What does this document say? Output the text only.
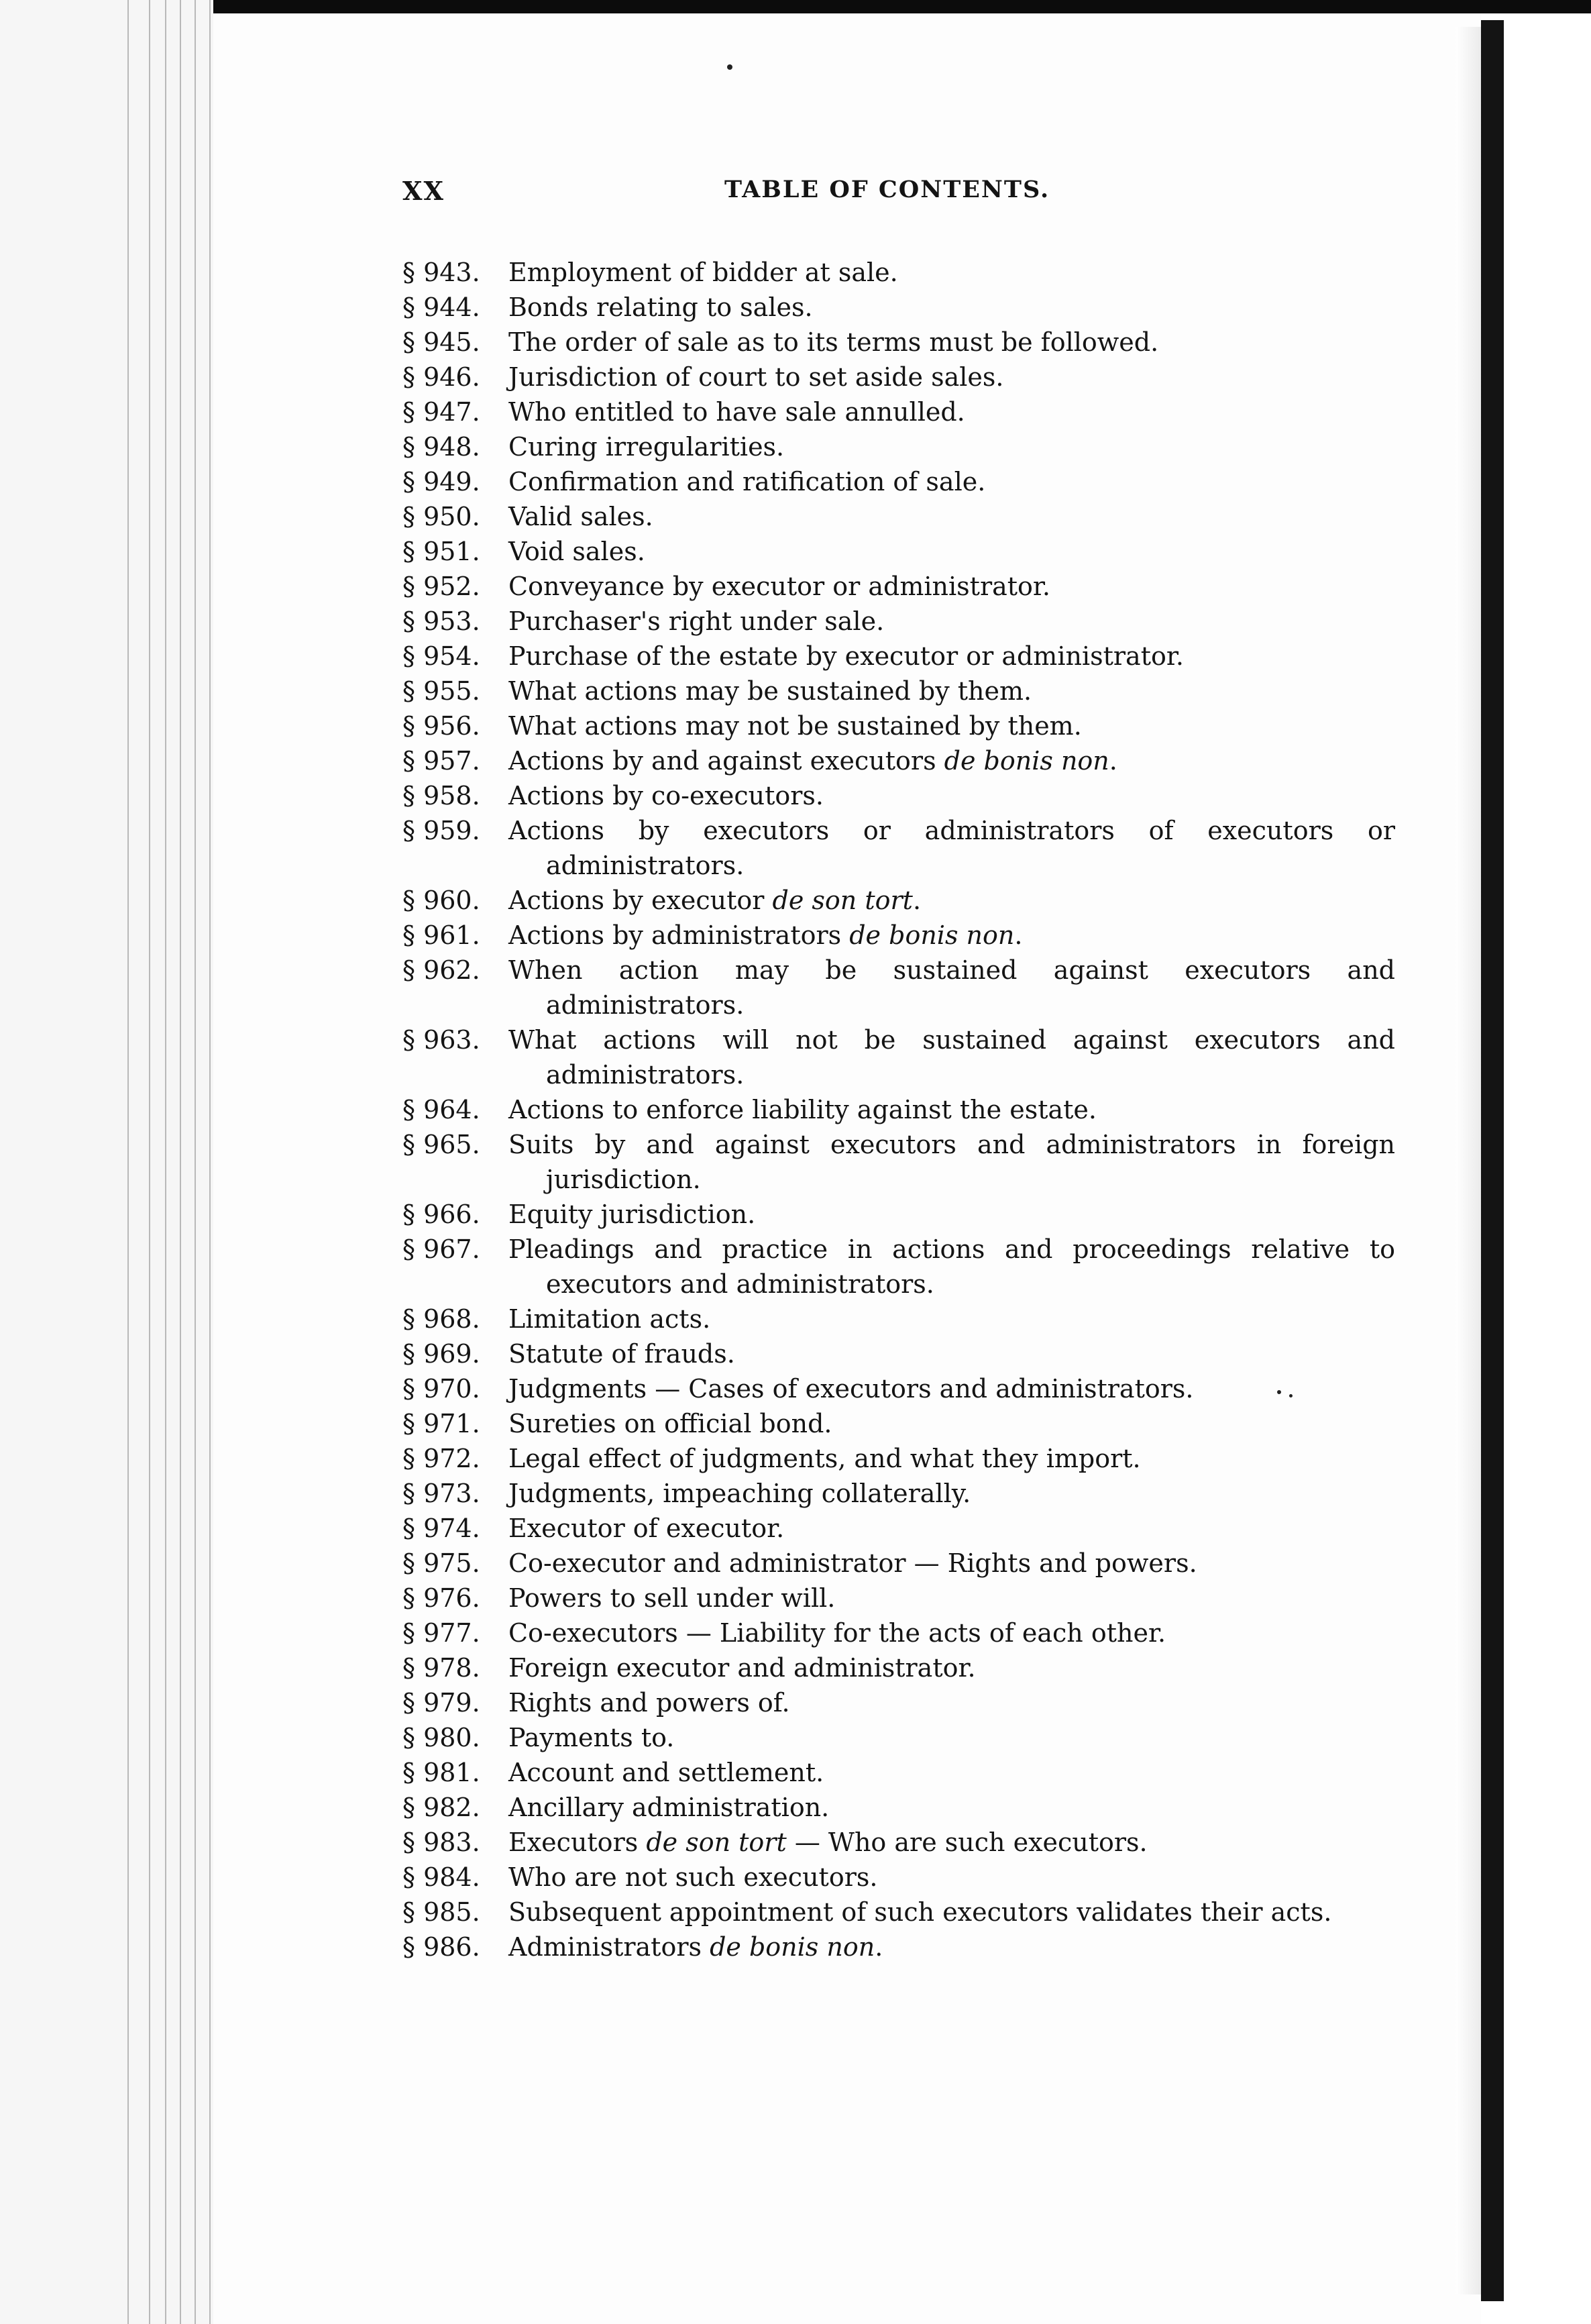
XX	TABLE OF CONTENTS.
§ 943.	Employment of bidder at sale.
§ 944.	Bonds relating to sales.
§ 945.	The order of sale as to its terms must be followed.
§ 946.	Jurisdiction of court to set aside sales.
§ 947.	Who entitled to have sale annulled.
§ 948.	Curing irregularities.
§ 949.	Confirmation and ratification of sale.
§ 950.	Valid sales.
§ 951.	Void sales.
§ 952.	Conveyance by executor or administrator.
§ 953.	Purchaser's right under sale.
§ 954.	Purchase of the estate by executor or administrator.
§ 955.	What actions may be sustained by them.
§ 956.	What actions may not be sustained by them.
§ 957.	Actions by and against executors de bonis non.
§ 958.	Actions by co-executors.
§ 959.	Actions by executors or administrators of executors or administrators.
§ 960.	Actions by executor de son tort.
§ 961.	Actions by administrators de bonis non.
§ 962.	When action may be sustained against executors and administrators.
§ 963.	What actions will not be sustained against executors and administrators.
§ 964.	Actions to enforce liability against the estate.
§ 965.	Suits by and against executors and administrators in foreign jurisdiction.
§ 966.	Equity jurisdiction.
§ 967.	Pleadings and practice in actions and proceedings relative to executors and administrators.
§ 968.	Limitation acts.
§ 969.	Statute of frauds.
§ 970.	Judgments — Cases of executors and administrators.
§ 971.	Sureties on official bond.
§ 972.	Legal effect of judgments, and what they import.
§ 973.	Judgments, impeaching collaterally.
§ 974.	Executor of executor.
§ 975.	Co-executor and administrator — Rights and powers.
§ 976.	Powers to sell under will.
§ 977.	Co-executors — Liability for the acts of each other.
§ 978.	Foreign executor and administrator.
§ 979.	Rights and powers of.
§ 980.	Payments to.
§ 981.	Account and settlement.
§ 982.	Ancillary administration.
§ 983.	Executors de son tort — Who are such executors.
§ 984.	Who are not such executors.
§ 985.	Subsequent appointment of such executors validates their acts.
§ 986.	Administrators de bonis non.
